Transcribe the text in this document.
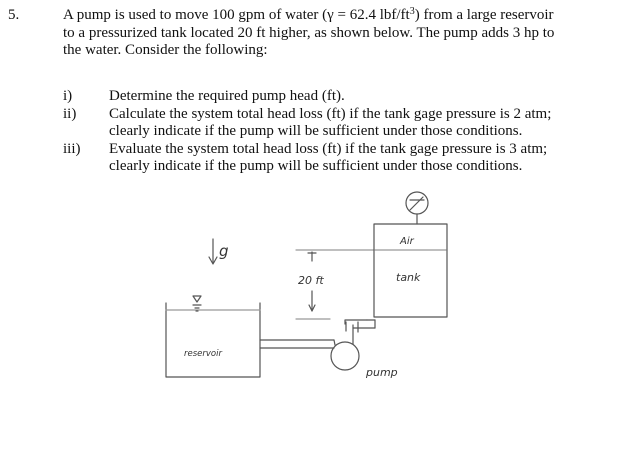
5.	A pump is used to move 100 gpm of water (γ = 62.4 lbf/$ft^3$) from a large reservoir
to a pressurized tank located 20 ft higher, as shown below. The pump adds 3 hp to
the water. Consider the following:
i)	Determine the required pump head (ft).
ii)	Calculate the system total head loss (ft) if the tank gage pressure is 2 atm;
clearly indicate if the pump will be sufficient under those conditions.
iii)	Evaluate the system total head loss (ft) if the tank gage pressure is 3 atm;
clearly indicate if the pump will be sufficient under those conditions.
g
20 ft
Air
tank
reservoir
pump
